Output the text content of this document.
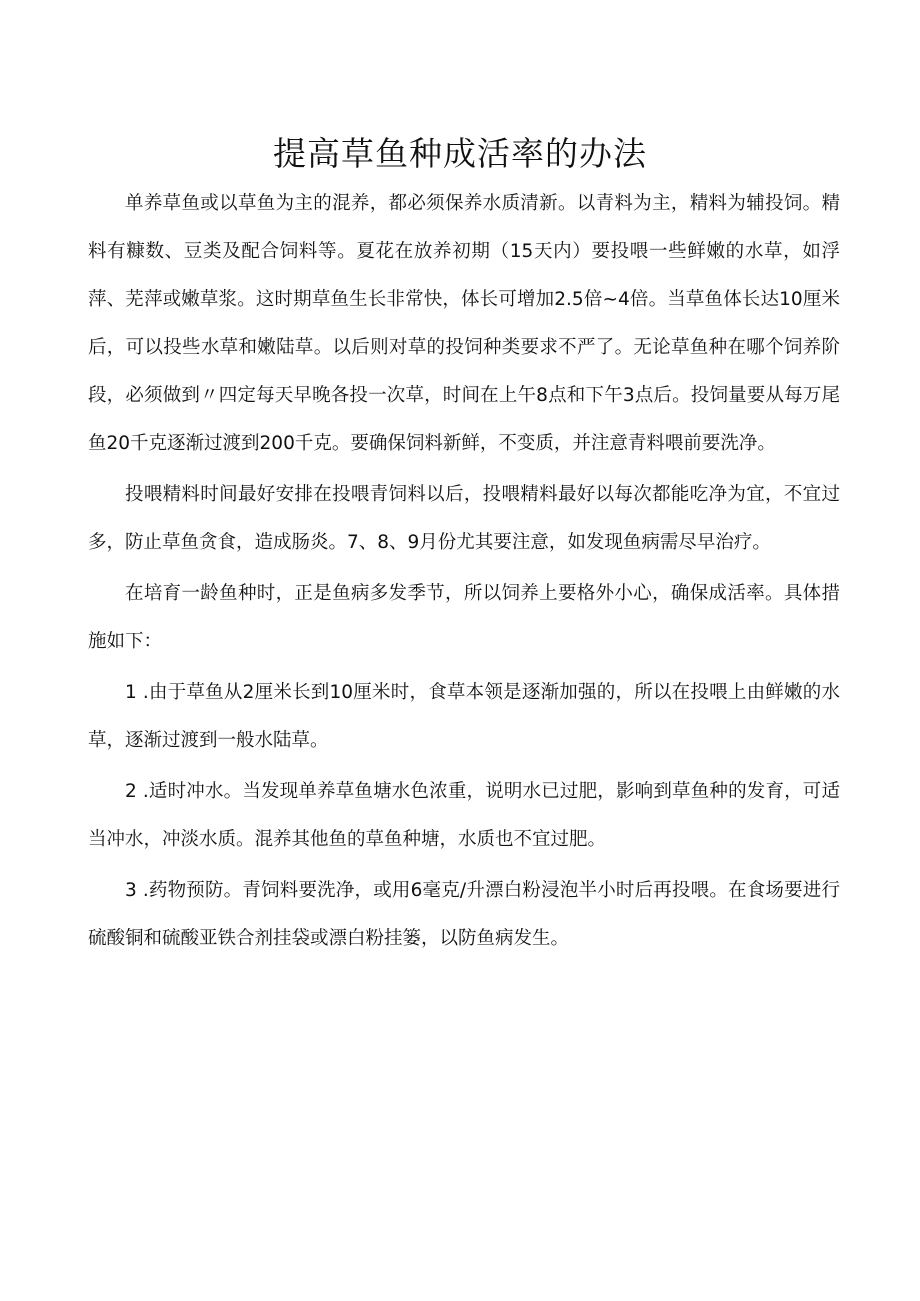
提高草鱼种成活率的办法

单养草鱼或以草鱼为主的混养，都必须保养水质清新。以青料为主，精料为辅投饲。精料有糠数、豆类及配合饲料等。夏花在放养初期（15天内）要投喂一些鲜嫩的水草，如浮萍、芜萍或嫩草浆。这时期草鱼生长非常快，体长可增加2.5倍~4倍。当草鱼体长达10厘米后，可以投些水草和嫩陆草。以后则对草的投饲种类要求不严了。无论草鱼种在哪个饲养阶段，必须做到〃四定每天早晚各投一次草，时间在上午8点和下午3点后。投饲量要从每万尾鱼20千克逐渐过渡到200千克。要确保饲料新鲜，不变质，并注意青料喂前要洗净。

投喂精料时间最好安排在投喂青饲料以后，投喂精料最好以每次都能吃净为宜，不宜过多，防止草鱼贪食，造成肠炎。7、8、9月份尤其要注意，如发现鱼病需尽早治疗。

在培育一龄鱼种时，正是鱼病多发季节，所以饲养上要格外小心，确保成活率。具体措施如下：

1 .由于草鱼从2厘米长到10厘米时，食草本领是逐渐加强的，所以在投喂上由鲜嫩的水草，逐渐过渡到一般水陆草。

2 .适时冲水。当发现单养草鱼塘水色浓重，说明水已过肥，影响到草鱼种的发育，可适当冲水，冲淡水质。混养其他鱼的草鱼种塘，水质也不宜过肥。

3 .药物预防。青饲料要洗净，或用6毫克/升漂白粉浸泡半小时后再投喂。在食场要进行硫酸铜和硫酸亚铁合剂挂袋或漂白粉挂篓，以防鱼病发生。
